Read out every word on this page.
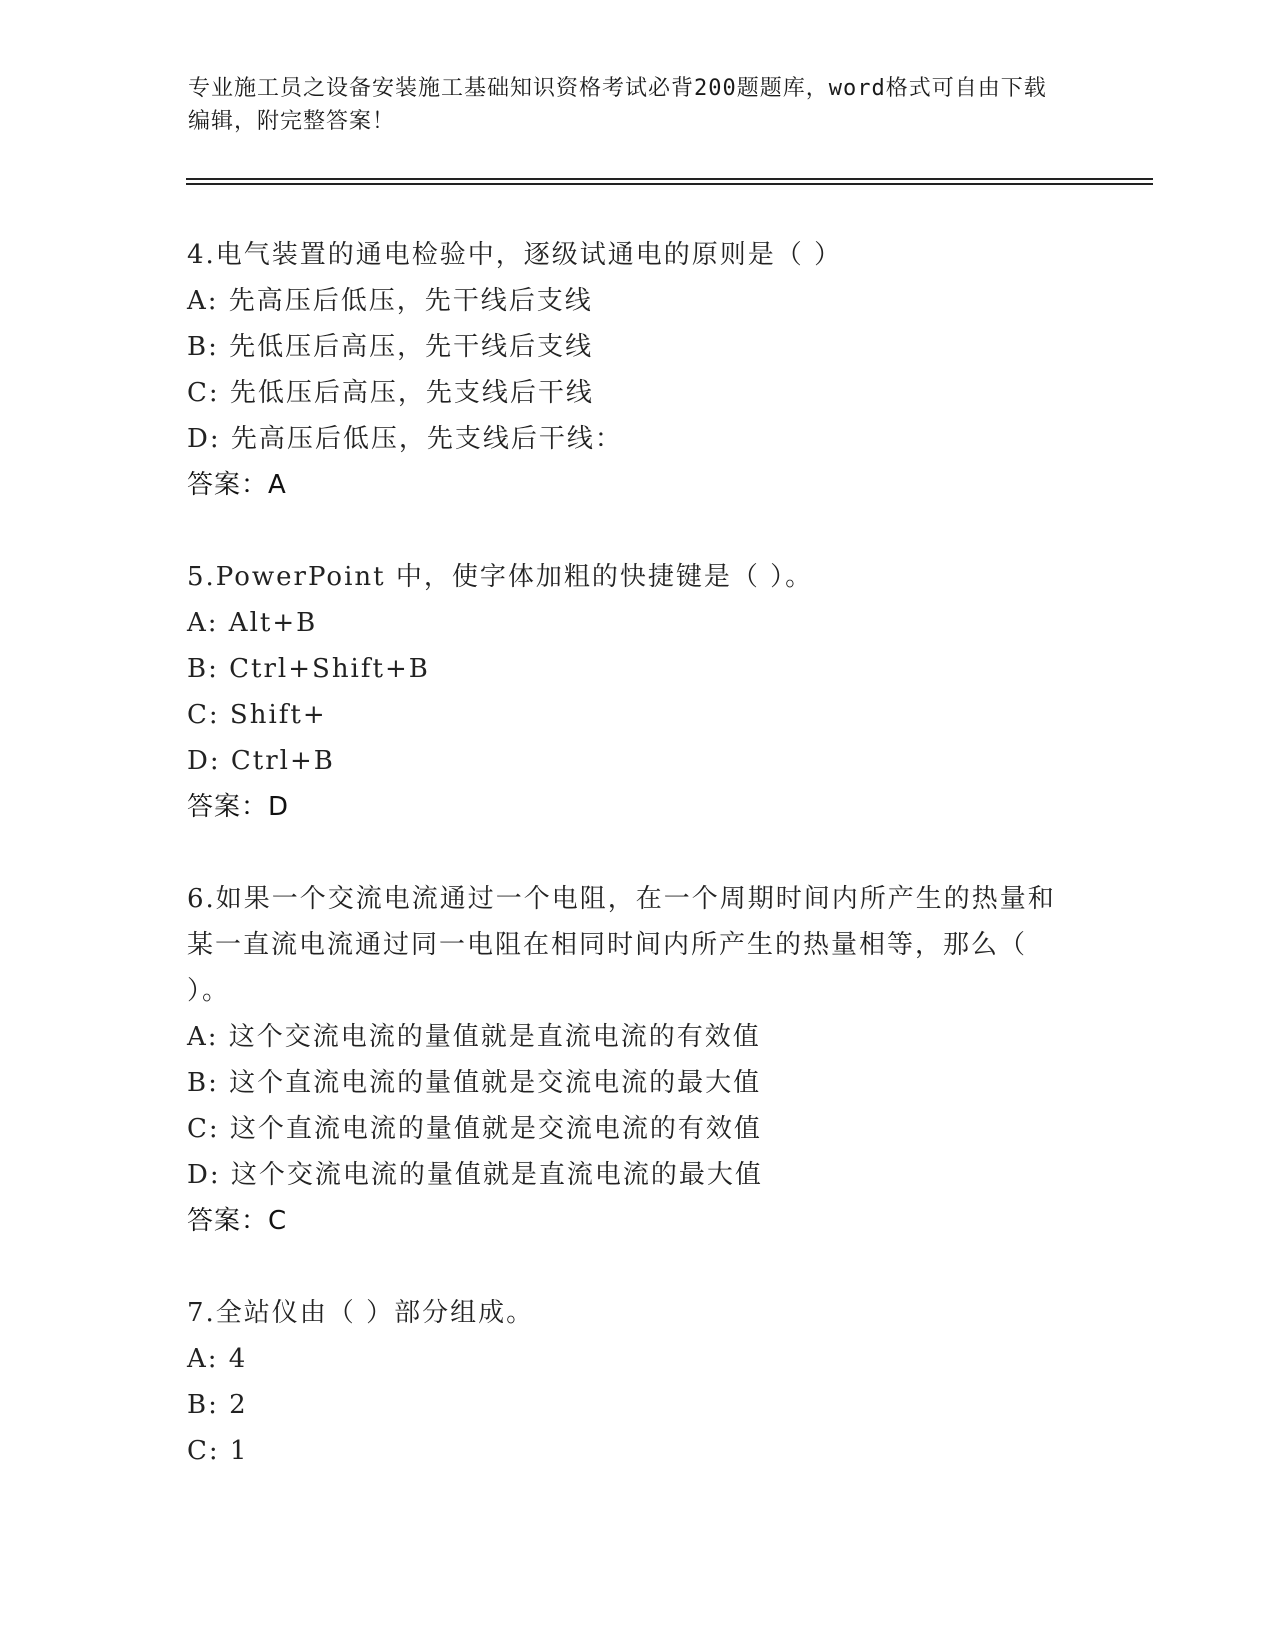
专业施工员之设备安装施工基础知识资格考试必背200题题库，word格式可自由下载编辑，附完整答案！
4.电气装置的通电检验中，逐级试通电的原则是（ ）
A: 先高压后低压，先干线后支线
B: 先低压后高压，先干线后支线
C: 先低压后高压，先支线后干线
D: 先高压后低压，先支线后干线：
答案：A
5.PowerPoint 中，使字体加粗的快捷键是（ ）。
A: Alt+B
B: Ctrl+Shift+B
C: Shift+
D: Ctrl+B
答案：D
6.如果一个交流电流通过一个电阻，在一个周期时间内所产生的热量和某一直流电流通过同一电阻在相同时间内所产生的热量相等，那么（ ）。
A: 这个交流电流的量值就是直流电流的有效值
B: 这个直流电流的量值就是交流电流的最大值
C: 这个直流电流的量值就是交流电流的有效值
D: 这个交流电流的量值就是直流电流的最大值
答案：C
7.全站仪由（ ）部分组成。
A: 4
B: 2
C: 1
